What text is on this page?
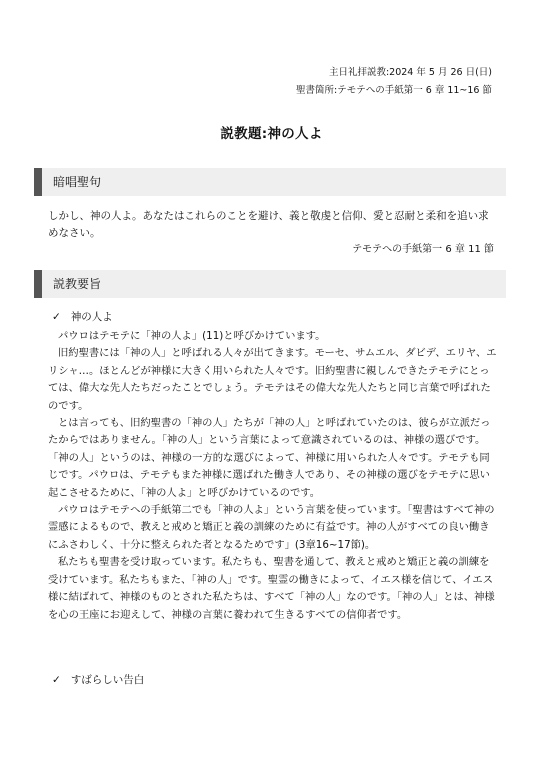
主日礼拝説教:2024 年 5 月 26 日(日)
聖書箇所:テモテへの手紙第一 6 章 11~16 節
説教題:神の人よ
暗唱聖句
しかし、神の人よ。あなたはこれらのことを避け、義と敬虔と信仰、愛と忍耐と柔和を追い求めなさい。
テモテへの手紙第一 6 章 11 節
説教要旨
✓ 神の人よ

パウロはテモテに「神の人よ」(11)と呼びかけています。

旧約聖書には「神の人」と呼ばれる人々が出てきます。モーセ、サムエル、ダビデ、エリヤ、エリシャ…。ほとんどが神様に大きく用いられた人々です。旧約聖書に親しんできたテモテにとっては、偉大な先人たちだったことでしょう。テモテはその偉大な先人たちと同じ言葉で呼ばれたのです。

とは言っても、旧約聖書の「神の人」たちが「神の人」と呼ばれていたのは、彼らが立派だったからではありません。「神の人」という言葉によって意識されているのは、神様の選びです。「神の人」というのは、神様の一方的な選びによって、神様に用いられた人々です。テモテも同じです。パウロは、テモテもまた神様に選ばれた働き人であり、その神様の選びをテモテに思い起こさせるために、「神の人よ」と呼びかけているのです。

パウロはテモテへの手紙第二でも「神の人よ」という言葉を使っています。「聖書はすべて神の霊感によるもので、教えと戒めと矯正と義の訓練のために有益です。神の人がすべての良い働きにふさわしく、十分に整えられた者となるためです」(3章16~17節)。

私たちも聖書を受け取っています。私たちも、聖書を通して、教えと戒めと矯正と義の訓練を受けています。私たちもまた、「神の人」です。聖霊の働きによって、イエス様を信じて、イエス様に結ばれて、神様のものとされた私たちは、すべて「神の人」なのです。「神の人」とは、神様を心の王座にお迎えして、神様の言葉に養われて生きるすべての信仰者です。

✓ すばらしい告白
